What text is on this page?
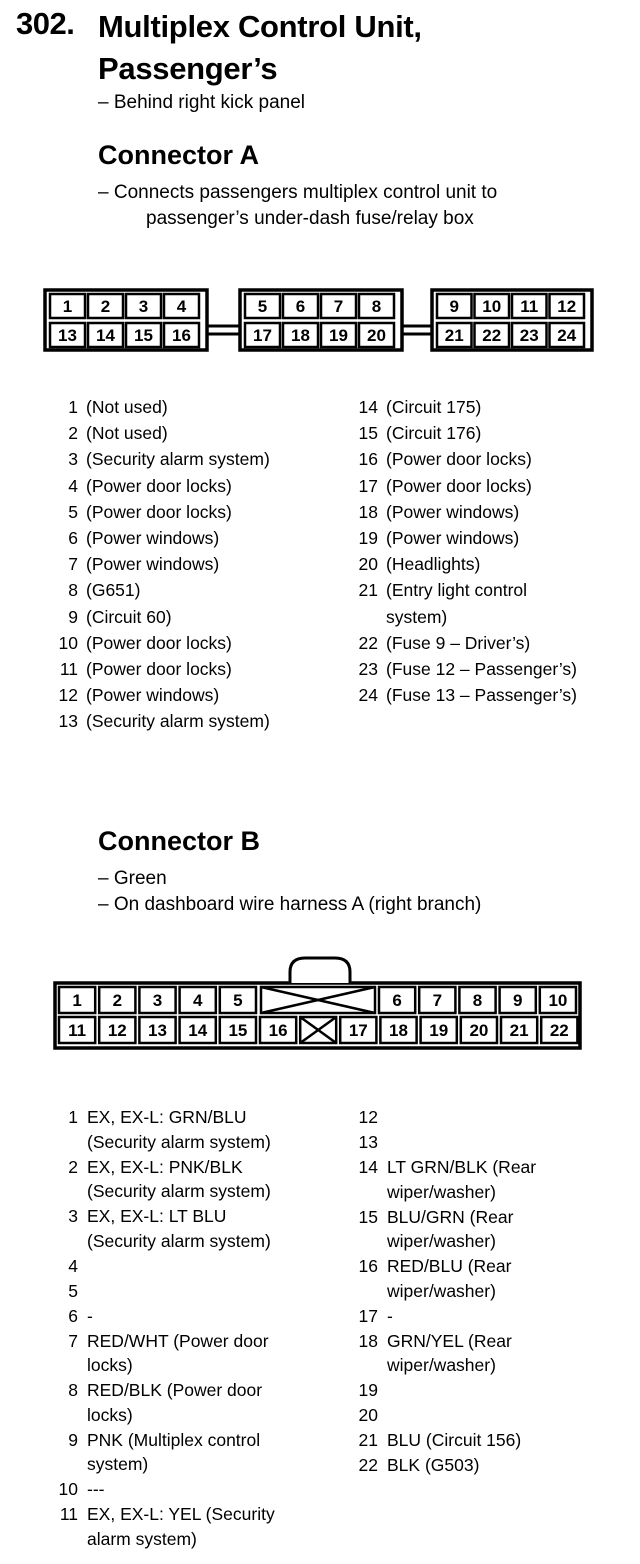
302. Multiplex Control Unit,
Passenger’s
– Behind right kick panel
Connector A
– Connects passengers multiplex control unit to
passenger’s under-dash fuse/relay box
1
13
2
14
3
15
4
16
5
17
6
18
7
19
8
20
9
21
10
22
11
23
12
24
1 (Not used)
2 (Not used)
3 (Security alarm system)
4 (Power door locks)
5 (Power door locks)
6 (Power windows)
7 (Power windows)
8 (G651)
9 (Circuit 60)
10 (Power door locks)
11 (Power door locks)
12 (Power windows)
13 (Security alarm system)
14 (Circuit 175)
15 (Circuit 176)
16 (Power door locks)
17 (Power door locks)
18 (Power windows)
19 (Power windows)
20 (Headlights)
21 (Entry light control
system)
22 (Fuse 9 – Driver’s)
23 (Fuse 12 – Passenger’s)
24 (Fuse 13 – Passenger’s)
Connector B
– Green
– On dashboard wire harness A (right branch)
1 2 3 4 5	6 7 8 9 10
11 12 13 14 15 16	17 18 19 20 21 22
1 EX, EX-L: GRN/BLU
(Security alarm system)
2 EX, EX-L: PNK/BLK
(Security alarm system)
3 EX, EX-L: LT BLU
(Security alarm system)
4
5
6 -
7 RED/WHT (Power door
locks)
8 RED/BLK (Power door
locks)
9 PNK (Multiplex control
system)
10 ---
11 EX, EX-L: YEL (Security
alarm system)
12
13
14 LT GRN/BLK (Rear
wiper/washer)
15 BLU/GRN (Rear
wiper/washer)
16 RED/BLU (Rear
wiper/washer)
17 -
18 GRN/YEL (Rear
wiper/washer)
19
20
21 BLU (Circuit 156)
22 BLK (G503)
